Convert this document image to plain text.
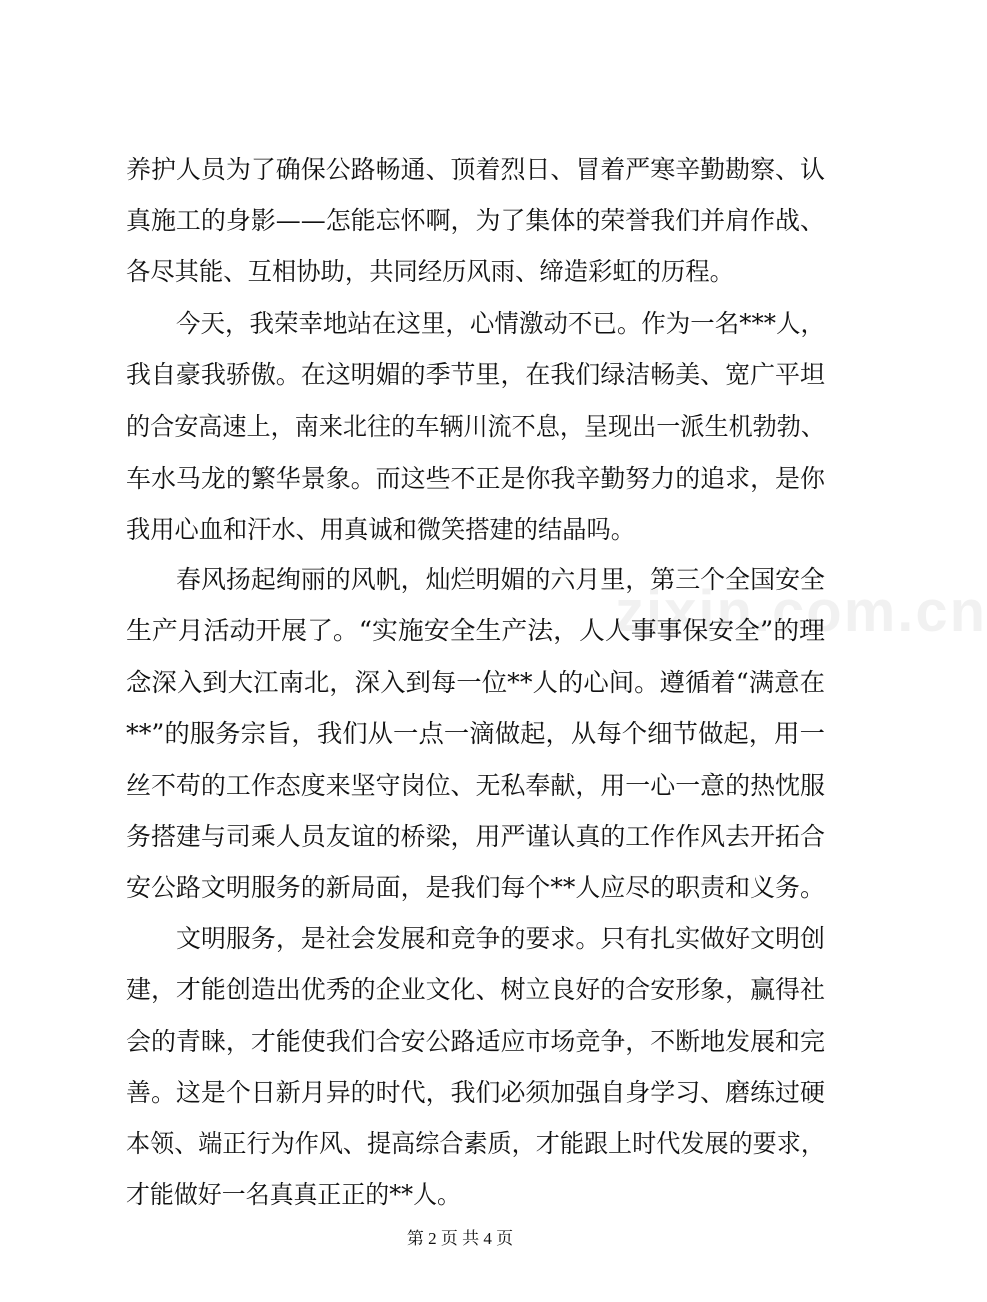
zixin.com.cn
养护人员为了确保公路畅通、顶着烈日、冒着严寒辛勤勘察、认
真施工的身影——怎能忘怀啊，为了集体的荣誉我们并肩作战、
各尽其能、互相协助，共同经历风雨、缔造彩虹的历程。
今天，我荣幸地站在这里，心情激动不已。作为一名***人，
我自豪我骄傲。在这明媚的季节里，在我们绿洁畅美、宽广平坦
的合安高速上，南来北往的车辆川流不息，呈现出一派生机勃勃、
车水马龙的繁华景象。而这些不正是你我辛勤努力的追求，是你
我用心血和汗水、用真诚和微笑搭建的结晶吗。
春风扬起绚丽的风帆，灿烂明媚的六月里，第三个全国安全
生产月活动开展了。“实施安全生产法，人人事事保安全”的理
念深入到大江南北，深入到每一位**人的心间。遵循着“满意在
**”的服务宗旨，我们从一点一滴做起，从每个细节做起，用一
丝不苟的工作态度来坚守岗位、无私奉献，用一心一意的热忱服
务搭建与司乘人员友谊的桥梁，用严谨认真的工作作风去开拓合
安公路文明服务的新局面，是我们每个**人应尽的职责和义务。
文明服务，是社会发展和竞争的要求。只有扎实做好文明创
建，才能创造出优秀的企业文化、树立良好的合安形象，赢得社
会的青睐，才能使我们合安公路适应市场竞争，不断地发展和完
善。这是个日新月异的时代，我们必须加强自身学习、磨练过硬
本领、端正行为作风、提高综合素质，才能跟上时代发展的要求，
才能做好一名真真正正的**人。
第 2 页 共 4 页
